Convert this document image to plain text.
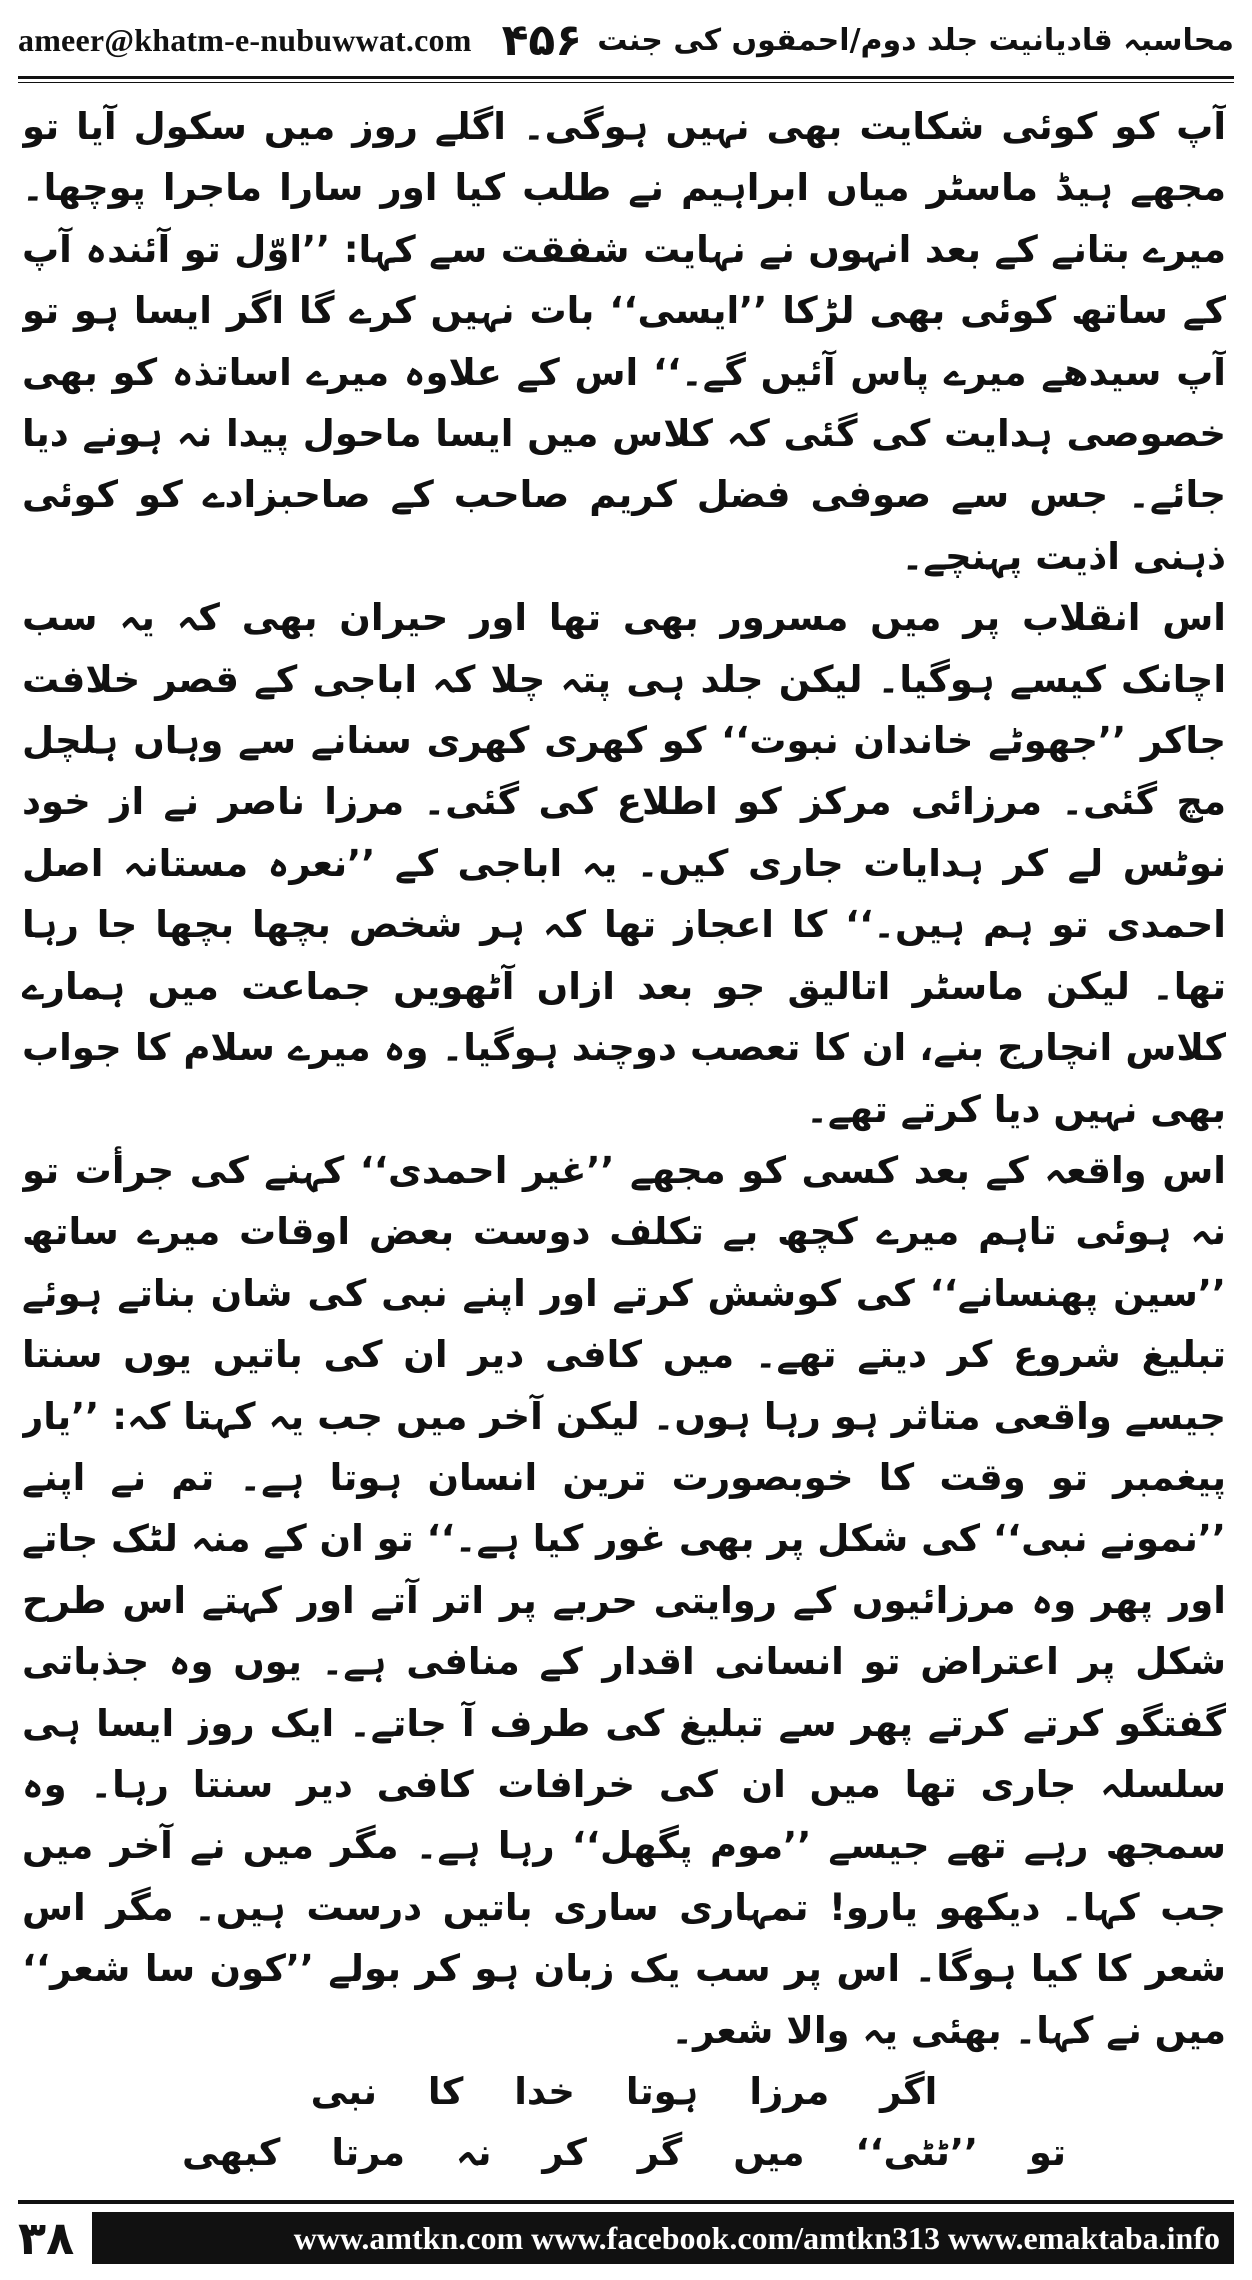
ameer@khatm-e-nubuwwat.com ۴۵۶ محاسبہ قادیانیت جلد دوم/احمقوں کی جنت

آپ کو کوئی شکایت بھی نہیں ہوگی۔ اگلے روز میں سکول آیا تو مجھے ہیڈ ماسٹر میاں ابراہیم نے طلب کیا اور سارا ماجرا پوچھا۔ میرے بتانے کے بعد انہوں نے نہایت شفقت سے کہا: ’’اوّل تو آئندہ آپ کے ساتھ کوئی بھی لڑکا ’’ایسی‘‘ بات نہیں کرے گا اگر ایسا ہو تو آپ سیدھے میرے پاس آئیں گے۔‘‘ اس کے علاوہ میرے اساتذہ کو بھی خصوصی ہدایت کی گئی کہ کلاس میں ایسا ماحول پیدا نہ ہونے دیا جائے۔ جس سے صوفی فضل کریم صاحب کے صاحبزادے کو کوئی ذہنی اذیت پہنچے۔

اس انقلاب پر میں مسرور بھی تھا اور حیران بھی کہ یہ سب اچانک کیسے ہوگیا۔ لیکن جلد ہی پتہ چلا کہ اباجی کے قصر خلافت جاکر ’’جھوٹے خاندان نبوت‘‘ کو کھری کھری سنانے سے وہاں ہلچل مچ گئی۔ مرزائی مرکز کو اطلاع کی گئی۔ مرزا ناصر نے از خود نوٹس لے کر ہدایات جاری کیں۔ یہ اباجی کے ’’نعرہ مستانہ اصل احمدی تو ہم ہیں۔‘‘ کا اعجاز تھا کہ ہر شخص بچھا بچھا جا رہا تھا۔ لیکن ماسٹر اتالیق جو بعد ازاں آٹھویں جماعت میں ہمارے کلاس انچارج بنے، ان کا تعصب دوچند ہوگیا۔ وہ میرے سلام کا جواب بھی نہیں دیا کرتے تھے۔

اس واقعہ کے بعد کسی کو مجھے ’’غیر احمدی‘‘ کہنے کی جرأت تو نہ ہوئی تاہم میرے کچھ بے تکلف دوست بعض اوقات میرے ساتھ ’’سین پھنسانے‘‘ کی کوشش کرتے اور اپنے نبی کی شان بناتے ہوئے تبلیغ شروع کر دیتے تھے۔ میں کافی دیر ان کی باتیں یوں سنتا جیسے واقعی متاثر ہو رہا ہوں۔ لیکن آخر میں جب یہ کہتا کہ: ’’یار پیغمبر تو وقت کا خوبصورت ترین انسان ہوتا ہے۔ تم نے اپنے ’’نمونے نبی‘‘ کی شکل پر بھی غور کیا ہے۔‘‘ تو ان کے منہ لٹک جاتے اور پھر وہ مرزائیوں کے روایتی حربے پر اتر آتے اور کہتے اس طرح شکل پر اعتراض تو انسانی اقدار کے منافی ہے۔ یوں وہ جذباتی گفتگو کرتے کرتے پھر سے تبلیغ کی طرف آ جاتے۔ ایک روز ایسا ہی سلسلہ جاری تھا میں ان کی خرافات کافی دیر سنتا رہا۔ وہ سمجھ رہے تھے جیسے ’’موم پگھل‘‘ رہا ہے۔ مگر میں نے آخر میں جب کہا۔ دیکھو یارو! تمہاری ساری باتیں درست ہیں۔ مگر اس شعر کا کیا ہوگا۔ اس پر سب یک زبان ہو کر بولے ’’کون سا شعر‘‘ میں نے کہا۔ بھئی یہ والا شعر۔

اگر مرزا ہوتا خدا کا نبی
تو ’’ٹٹی‘‘ میں گر کر نہ مرتا کبھی

۳۸	www.amtkn.com www.facebook.com/amtkn313 www.emaktaba.info
